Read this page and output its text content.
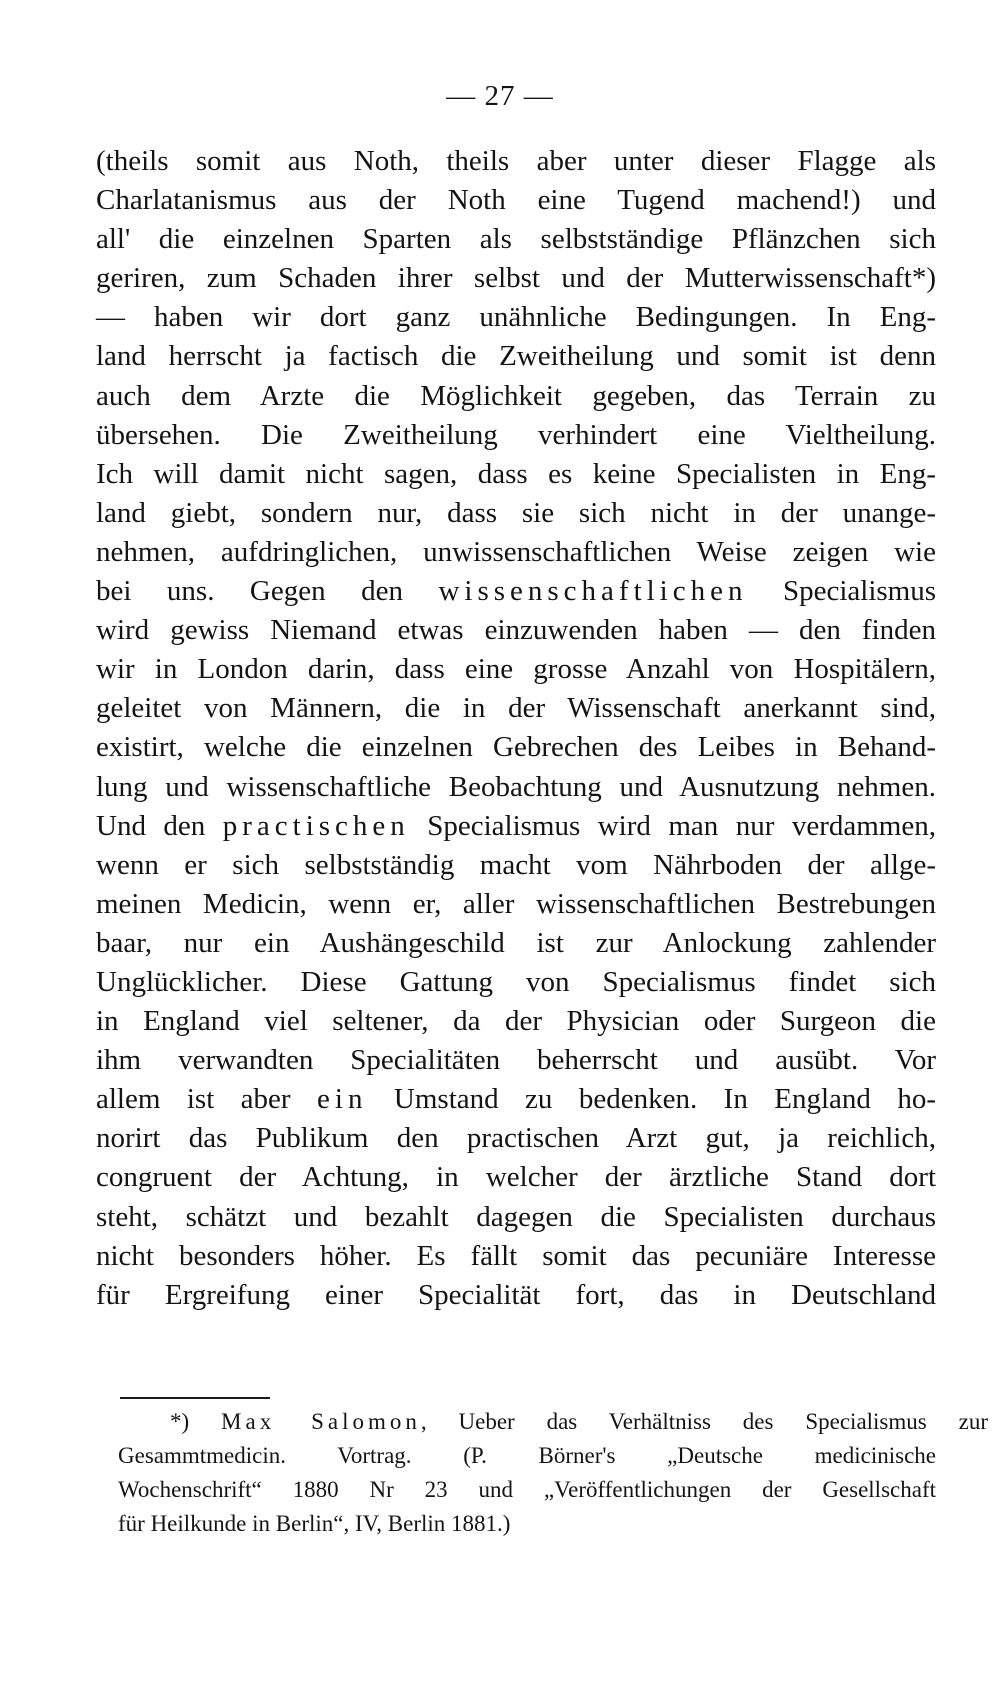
— 27 —
(theils somit aus Noth, theils aber unter dieser Flagge als
Charlatanismus aus der Noth eine Tugend machend!) und
all' die einzelnen Sparten als selbstständige Pflänzchen sich
geriren, zum Schaden ihrer selbst und der Mutterwissenschaft*)
— haben wir dort ganz unähnliche Bedingungen. In Eng-
land herrscht ja factisch die Zweitheilung und somit ist denn
auch dem Arzte die Möglichkeit gegeben, das Terrain zu
übersehen. Die Zweitheilung verhindert eine Vieltheilung.
Ich will damit nicht sagen, dass es keine Specialisten in Eng-
land giebt, sondern nur, dass sie sich nicht in der unange-
nehmen, aufdringlichen, unwissenschaftlichen Weise zeigen wie
bei uns. Gegen den wissenschaftlichen Specialismus
wird gewiss Niemand etwas einzuwenden haben — den finden
wir in London darin, dass eine grosse Anzahl von Hospitälern,
geleitet von Männern, die in der Wissenschaft anerkannt sind,
existirt, welche die einzelnen Gebrechen des Leibes in Behand-
lung und wissenschaftliche Beobachtung und Ausnutzung nehmen.
Und den practischen Specialismus wird man nur verdammen,
wenn er sich selbstständig macht vom Nährboden der allge-
meinen Medicin, wenn er, aller wissenschaftlichen Bestrebungen
baar, nur ein Aushängeschild ist zur Anlockung zahlender
Unglücklicher. Diese Gattung von Specialismus findet sich
in England viel seltener, da der Physician oder Surgeon die
ihm verwandten Specialitäten beherrscht und ausübt. Vor
allem ist aber ein Umstand zu bedenken. In England ho-
norirt das Publikum den practischen Arzt gut, ja reichlich,
congruent der Achtung, in welcher der ärztliche Stand dort
steht, schätzt und bezahlt dagegen die Specialisten durchaus
nicht besonders höher. Es fällt somit das pecuniäre Interesse
für Ergreifung einer Specialität fort, das in Deutschland
*) Max Salomon, Ueber das Verhältniss des Specialismus zur
Gesammtmedicin. Vortrag. (P. Börner's „Deutsche medicinische
Wochenschrift“ 1880 Nr 23 und „Veröffentlichungen der Gesellschaft
für Heilkunde in Berlin“, IV, Berlin 1881.)
